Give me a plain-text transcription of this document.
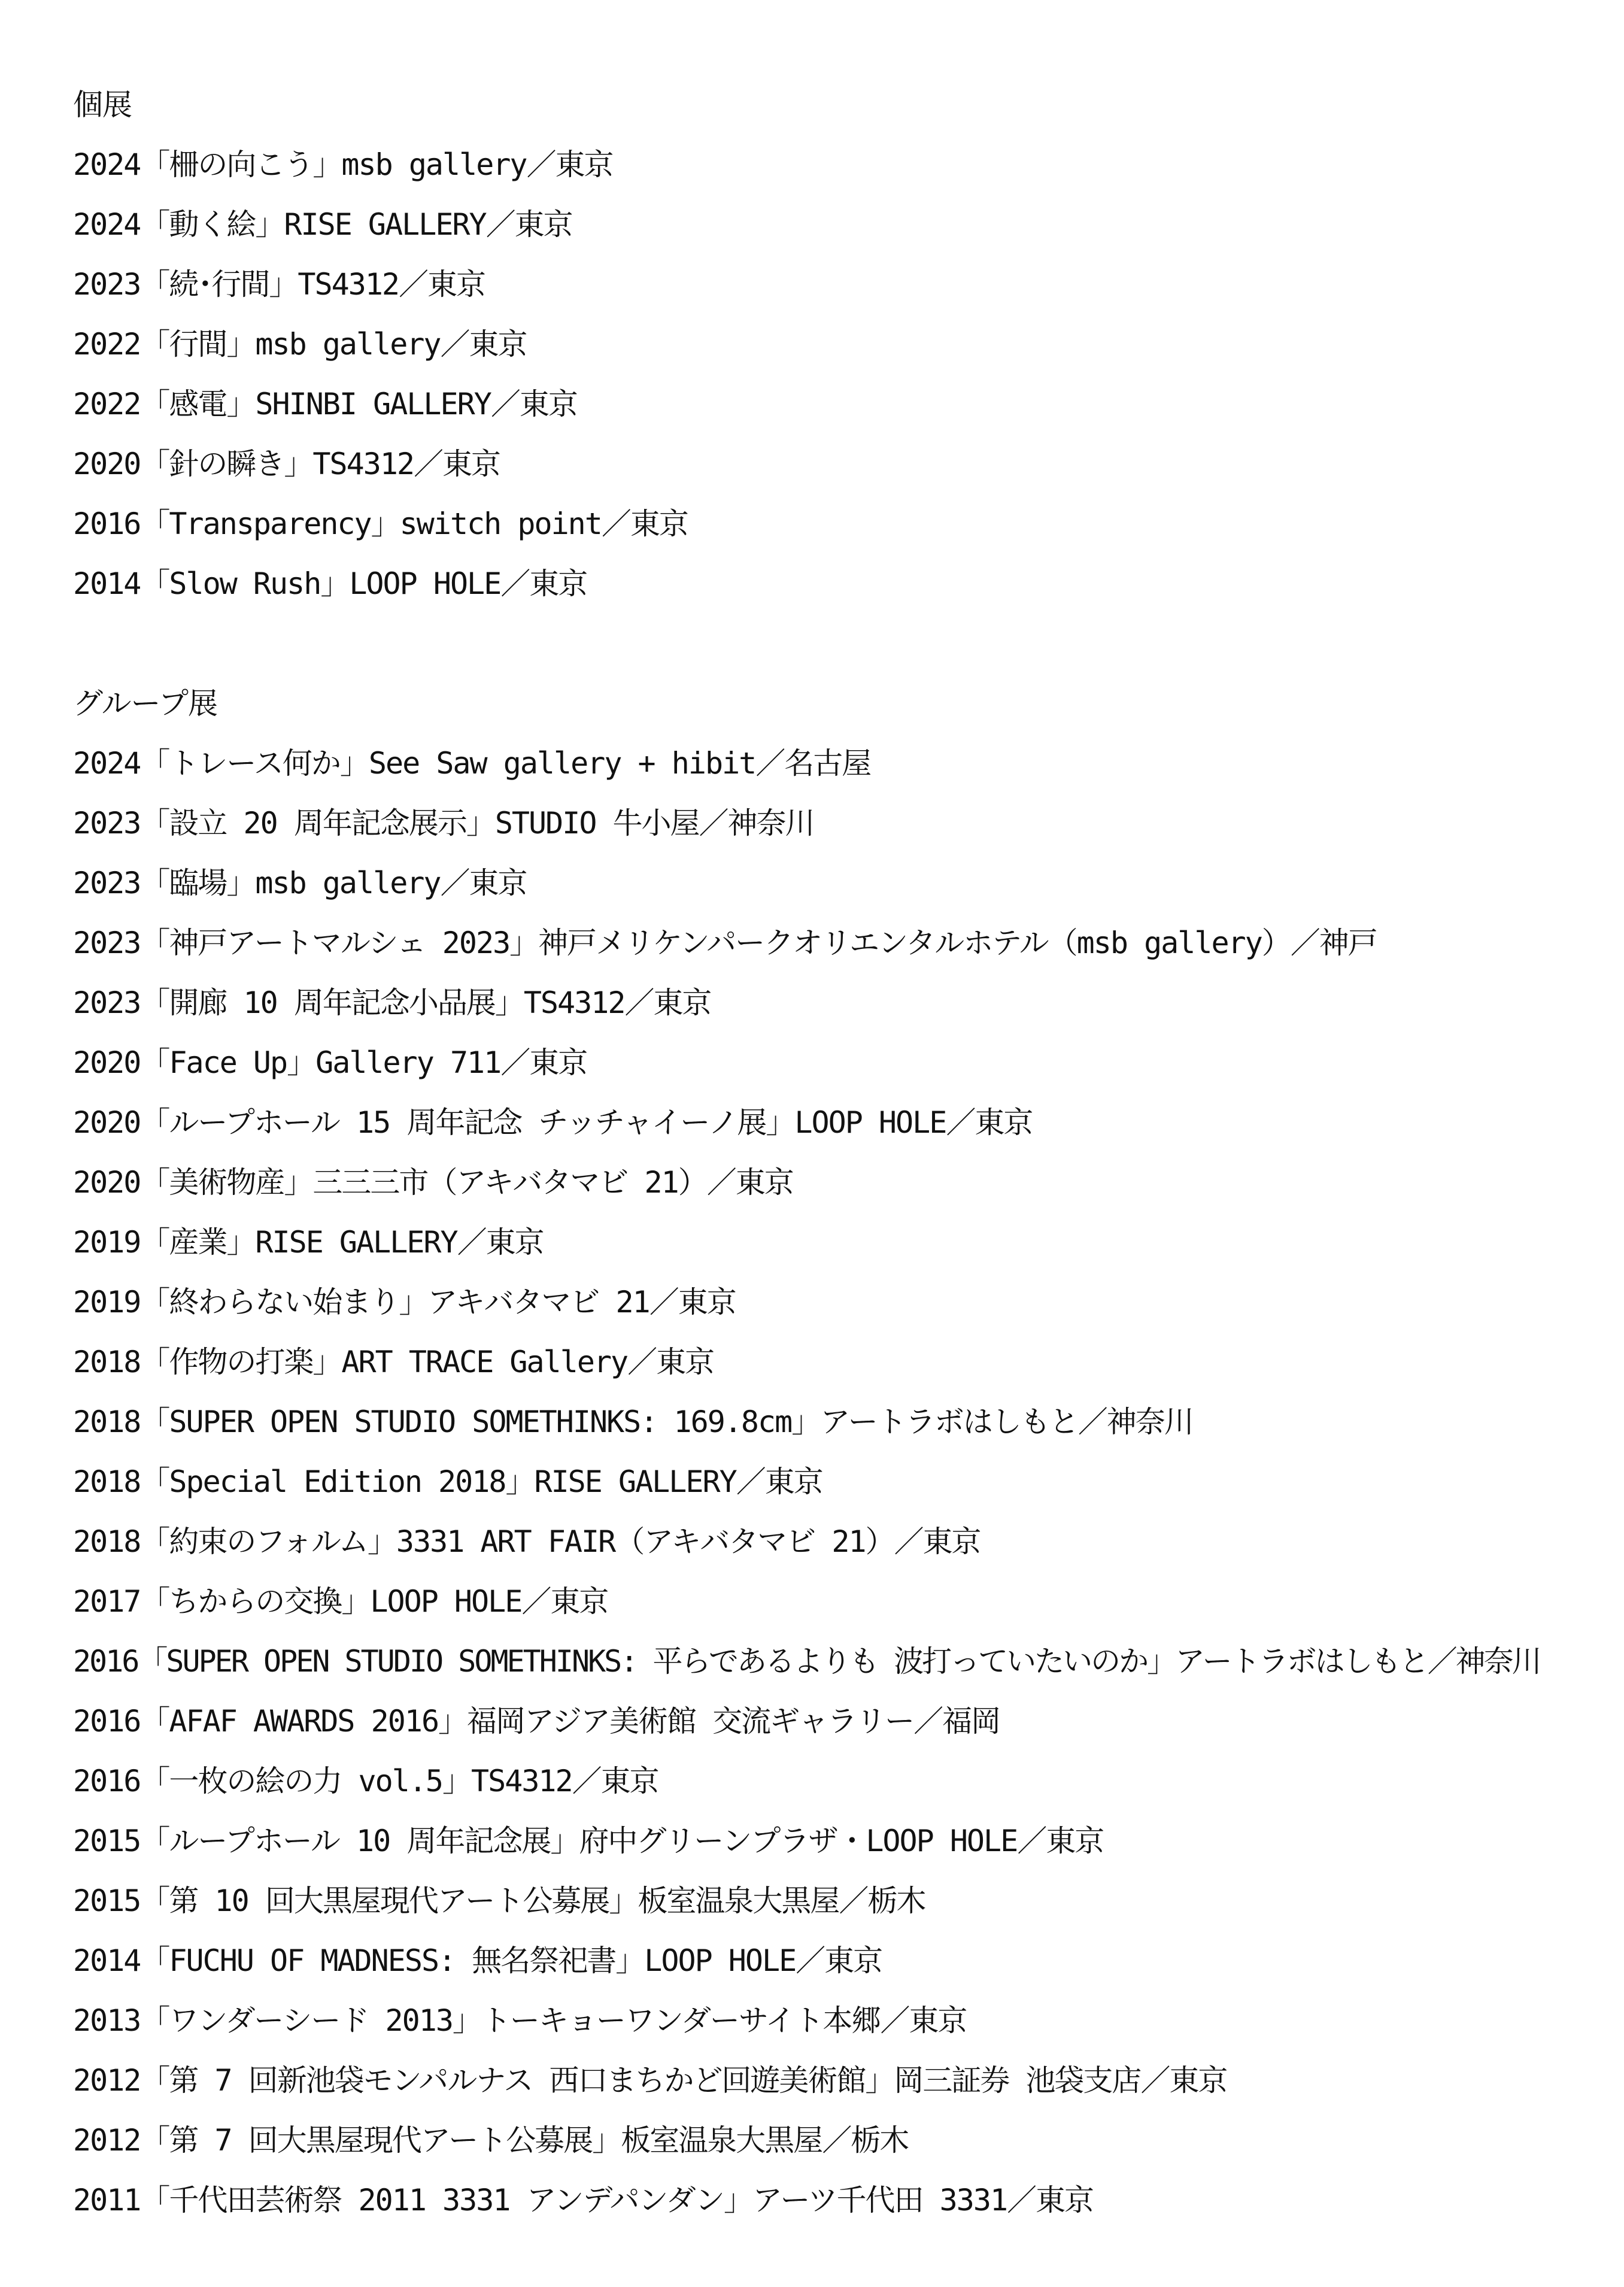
個展
2024「柵の向こう」msb gallery／東京
2024「動く絵」RISE GALLERY／東京
2023「続･行間」TS4312／東京
2022「行間」msb gallery／東京
2022「感電」SHINBI GALLERY／東京
2020「針の瞬き」TS4312／東京
2016「Transparency」switch point／東京
2014「Slow Rush」LOOP HOLE／東京
グループ展
2024「トレース何か」See Saw gallery + hibit／名古屋
2023「設立 20 周年記念展示」STUDIO 牛小屋／神奈川
2023「臨場」msb gallery／東京
2023「神戸アートマルシェ 2023」神戸メリケンパークオリエンタルホテル（msb gallery）／神戸
2023「開廊 10 周年記念小品展」TS4312／東京
2020「Face Up」Gallery 711／東京
2020「ループホール 15 周年記念 チッチャイーノ展」LOOP HOLE／東京
2020「美術物産」三三三市（アキバタマビ 21）／東京
2019「産業」RISE GALLERY／東京
2019「終わらない始まり」アキバタマビ 21／東京
2018「作物の打楽」ART TRACE Gallery／東京
2018「SUPER OPEN STUDIO SOMETHINKS: 169.8cm」アートラボはしもと／神奈川
2018「Special Edition 2018」RISE GALLERY／東京
2018「約束のフォルム」3331 ART FAIR（アキバタマビ 21）／東京
2017「ちからの交換」LOOP HOLE／東京
2016「SUPER OPEN STUDIO SOMETHINKS: 平らであるよりも 波打っていたいのか」アートラボはしもと／神奈川
2016「AFAF AWARDS 2016」福岡アジア美術館 交流ギャラリー／福岡
2016「一枚の絵の力 vol.5」TS4312／東京
2015「ループホール 10 周年記念展」府中グリーンプラザ・LOOP HOLE／東京
2015「第 10 回大黒屋現代アート公募展」板室温泉大黒屋／栃木
2014「FUCHU OF MADNESS: 無名祭祀書」LOOP HOLE／東京
2013「ワンダーシード 2013」トーキョーワンダーサイト本郷／東京
2012「第 7 回新池袋モンパルナス 西口まちかど回遊美術館」岡三証券 池袋支店／東京
2012「第 7 回大黒屋現代アート公募展」板室温泉大黒屋／栃木
2011「千代田芸術祭 2011 3331 アンデパンダン」アーツ千代田 3331／東京
